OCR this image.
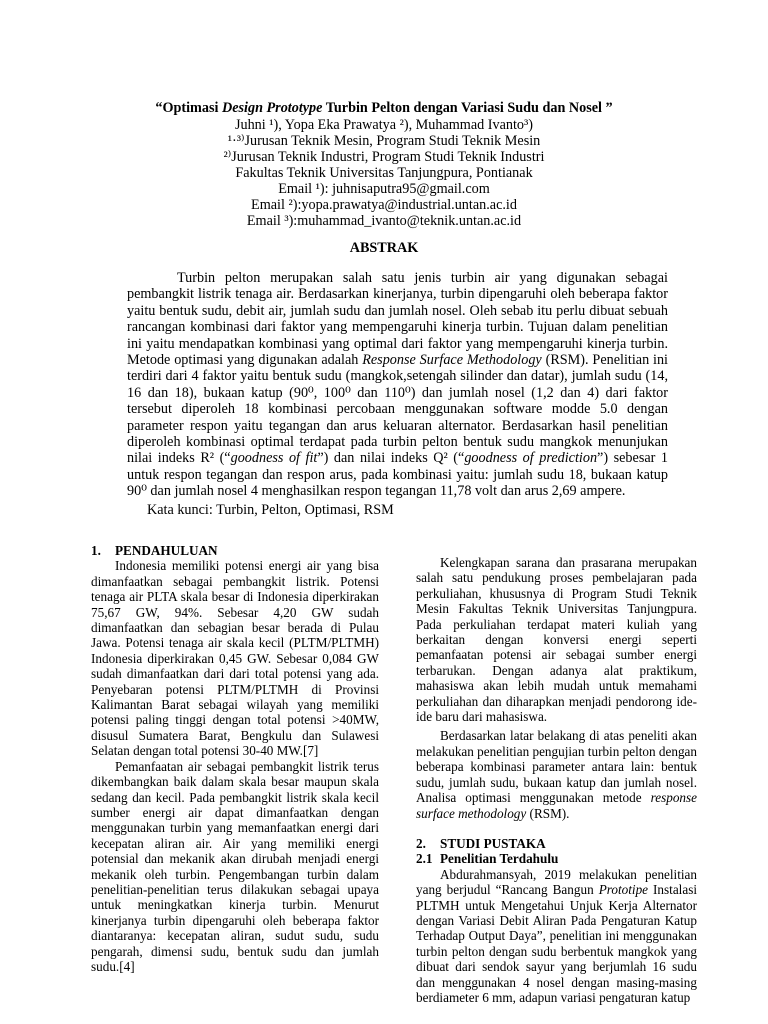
“Optimasi Design Prototype Turbin Pelton dengan Variasi Sudu dan Nosel ”
Juhni ¹), Yopa Eka Prawatya ²), Muhammad Ivanto³)
¹·³⁾Jurusan Teknik Mesin, Program Studi Teknik Mesin
²⁾Jurusan Teknik Industri, Program Studi Teknik Industri
Fakultas Teknik Universitas Tanjungpura, Pontianak
Email ¹): juhnisaputra95@gmail.com
Email ²):yopa.prawatya@industrial.untan.ac.id
Email ³):muhammad_ivanto@teknik.untan.ac.id
ABSTRAK
Turbin pelton merupakan salah satu jenis turbin air yang digunakan sebagai pembangkit listrik tenaga air. Berdasarkan kinerjanya, turbin dipengaruhi oleh beberapa faktor yaitu bentuk sudu, debit air, jumlah sudu dan jumlah nosel. Oleh sebab itu perlu dibuat sebuah rancangan kombinasi dari faktor yang mempengaruhi kinerja turbin. Tujuan dalam penelitian ini yaitu mendapatkan kombinasi yang optimal dari faktor yang mempengaruhi kinerja turbin. Metode optimasi yang digunakan adalah Response Surface Methodology (RSM). Penelitian ini terdiri dari 4 faktor yaitu bentuk sudu (mangkok,setengah silinder dan datar), jumlah sudu (14, 16 dan 18), bukaan katup (90⁰, 100⁰ dan 110⁰) dan jumlah nosel (1,2 dan 4) dari faktor tersebut diperoleh 18 kombinasi percobaan menggunakan software modde 5.0 dengan parameter respon yaitu tegangan dan arus keluaran alternator. Berdasarkan hasil penelitian diperoleh kombinasi optimal terdapat pada turbin pelton bentuk sudu mangkok menunjukan nilai indeks R² (“goodness of fit”) dan nilai indeks Q² (“goodness of prediction”) sebesar 1 untuk respon tegangan dan respon arus, pada kombinasi yaitu: jumlah sudu 18, bukaan katup 90⁰ dan jumlah nosel 4 menghasilkan respon tegangan 11,78 volt dan arus 2,69 ampere.
Kata kunci: Turbin, Pelton, Optimasi, RSM

1. PENDAHULUAN

Indonesia memiliki potensi energi air yang bisa dimanfaatkan sebagai pembangkit listrik. Potensi tenaga air PLTA skala besar di Indonesia diperkirakan 75,67 GW, 94%. Sebesar 4,20 GW sudah dimanfaatkan dan sebagian besar berada di Pulau Jawa. Potensi tenaga air skala kecil (PLTM/PLTMH) Indonesia diperkirakan 0,45 GW. Sebesar 0,084 GW sudah dimanfaatkan dari dari total potensi yang ada. Penyebaran potensi PLTM/PLTMH di Provinsi Kalimantan Barat sebagai wilayah yang memiliki potensi paling tinggi dengan total potensi >40MW, disusul Sumatera Barat, Bengkulu dan Sulawesi Selatan dengan total potensi 30-40 MW.[7]

Pemanfaatan air sebagai pembangkit listrik terus dikembangkan baik dalam skala besar maupun skala sedang dan kecil. Pada pembangkit listrik skala kecil sumber energi air dapat dimanfaatkan dengan menggunakan turbin yang memanfaatkan energi dari kecepatan aliran air. Air yang memiliki energi potensial dan mekanik akan dirubah menjadi energi mekanik oleh turbin. Pengembangan turbin dalam penelitian-penelitian terus dilakukan sebagai upaya untuk meningkatkan kinerja turbin. Menurut kinerjanya turbin dipengaruhi oleh beberapa faktor diantaranya: kecepatan aliran, sudut sudu, sudu pengarah, dimensi sudu, bentuk sudu dan jumlah sudu.[4]

Kelengkapan sarana dan prasarana merupakan salah satu pendukung proses pembelajaran pada perkuliahan, khususnya di Program Studi Teknik Mesin Fakultas Teknik Universitas Tanjungpura. Pada perkuliahan terdapat materi kuliah yang berkaitan dengan konversi energi seperti pemanfaatan potensi air sebagai sumber energi terbarukan. Dengan adanya alat praktikum, mahasiswa akan lebih mudah untuk memahami perkuliahan dan diharapkan menjadi pendorong ide-ide baru dari mahasiswa.

Berdasarkan latar belakang di atas peneliti akan melakukan penelitian pengujian turbin pelton dengan beberapa kombinasi parameter antara lain: bentuk sudu, jumlah sudu, bukaan katup dan jumlah nosel. Analisa optimasi menggunakan metode response surface methodology (RSM).

2. STUDI PUSTAKA

2.1 Penelitian Terdahulu

Abdurahmansyah, 2019 melakukan penelitian yang berjudul “Rancang Bangun Prototipe Instalasi PLTMH untuk Mengetahui Unjuk Kerja Alternator dengan Variasi Debit Aliran Pada Pengaturan Katup Terhadap Output Daya”, penelitian ini menggunakan turbin pelton dengan sudu berbentuk mangkok yang dibuat dari sendok sayur yang berjumlah 16 sudu dan menggunakan 4 nosel dengan masing-masing berdiameter 6 mm, adapun variasi pengaturan katup
